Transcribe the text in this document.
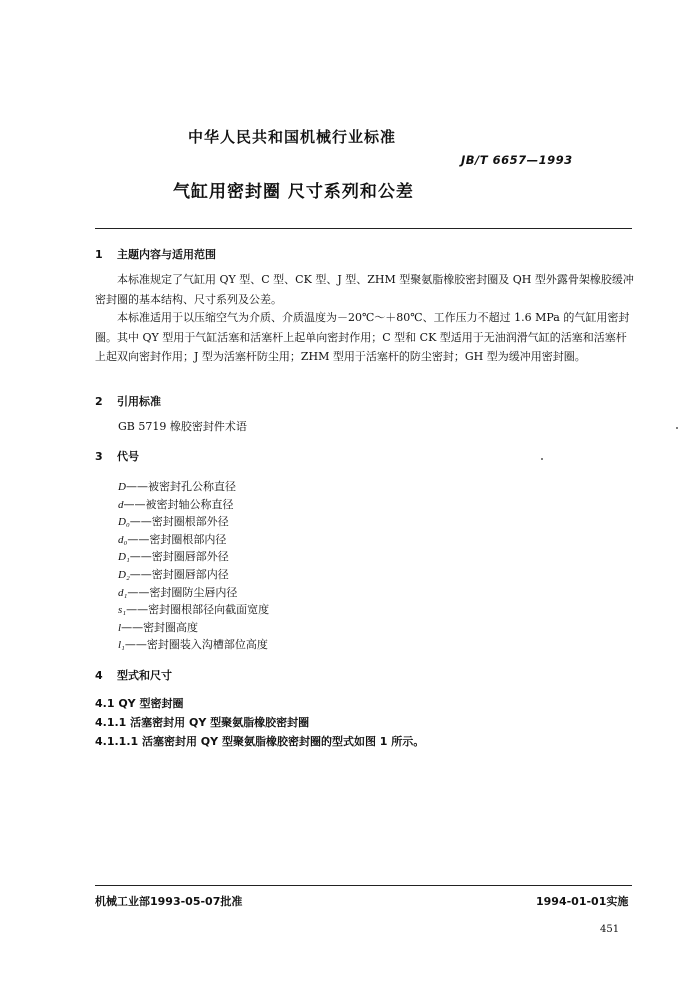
中华人民共和国机械行业标准
JB/T 6657—1993
气缸用密封圈 尺寸系列和公差
1 主题内容与适用范围
本标准规定了气缸用 QY 型、C 型、CK 型、J 型、ZHM 型聚氨脂橡胶密封圈及 QH 型外露骨架橡胶缓冲密封圈的基本结构、尺寸系列及公差。
本标准适用于以压缩空气为介质、介质温度为－20℃～＋80℃、工作压力不超过 1.6 MPa 的气缸用密封圈。其中 QY 型用于气缸活塞和活塞杆上起单向密封作用；C 型和 CK 型适用于无油润滑气缸的活塞和活塞杆上起双向密封作用；J 型为活塞杆防尘用；ZHM 型用于活塞杆的防尘密封；GH 型为缓冲用密封圈。
2 引用标准
GB 5719 橡胶密封件术语
3 代号
D——被密封孔公称直径
d——被密封轴公称直径
D₀——密封圈根部外径
d₀——密封圈根部内径
D₁——密封圈唇部外径
D₂——密封圈唇部内径
d₁——密封圈防尘唇内径
s₁——密封圈根部径向截面宽度
l——密封圈高度
l₁——密封圈装入沟槽部位高度
4 型式和尺寸
4.1 QY 型密封圈
4.1.1 活塞密封用 QY 型聚氨脂橡胶密封圈
4.1.1.1 活塞密封用 QY 型聚氨脂橡胶密封圈的型式如图 1 所示。
机械工业部1993-05-07批准	1994-01-01实施
451
